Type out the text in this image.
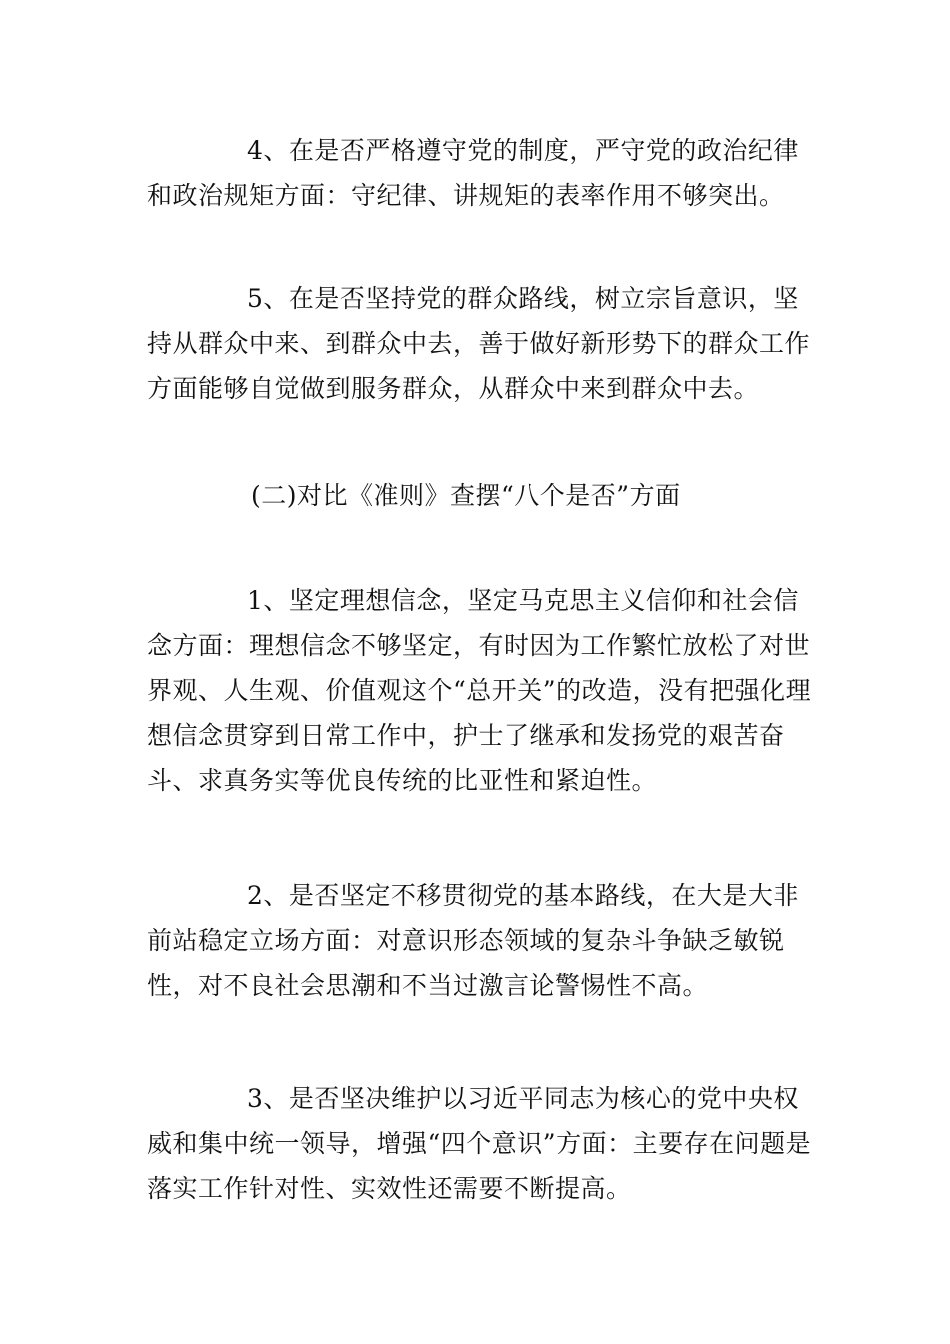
4、在是否严格遵守党的制度，严守党的政治纪律和政治规矩方面：守纪律、讲规矩的表率作用不够突出。

5、在是否坚持党的群众路线，树立宗旨意识，坚持从群众中来、到群众中去，善于做好新形势下的群众工作方面能够自觉做到服务群众，从群众中来到群众中去。

(二)对比《准则》查摆“八个是否”方面

1、坚定理想信念，坚定马克思主义信仰和社会信念方面：理想信念不够坚定，有时因为工作繁忙放松了对世界观、人生观、价值观这个“总开关”的改造，没有把强化理想信念贯穿到日常工作中，护士了继承和发扬党的艰苦奋斗、求真务实等优良传统的比亚性和紧迫性。

2、是否坚定不移贯彻党的基本路线，在大是大非前站稳定立场方面：对意识形态领域的复杂斗争缺乏敏锐性，对不良社会思潮和不当过激言论警惕性不高。

3、是否坚决维护以习近平同志为核心的党中央权威和集中统一领导，增强“四个意识”方面：主要存在问题是落实工作针对性、实效性还需要不断提高。
